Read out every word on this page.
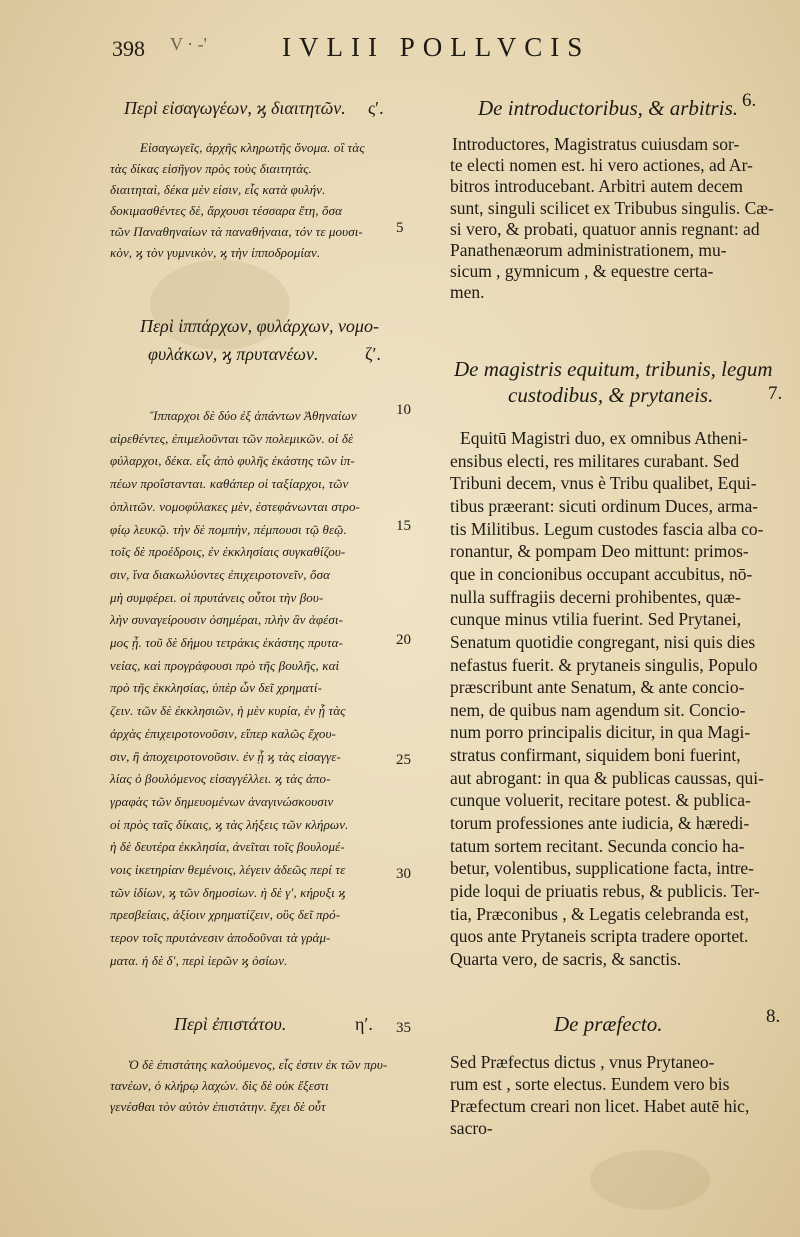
398 V · -'	IVLII POLLVCIS
Περὶ εἰσαγωγέων, ϗ διαιτητῶν. ς′.
Εἰσαγωγεῖς, ἀρχῆς κληρωτῆς ὄνομα. οἳ τὰς
τὰς δίκας εἰσῆγον πρὸς τοὺς διαιτητάς.
διαιτηταὶ, δέκα μὲν εἰσιν, εἷς κατὰ φυλήν.
δοκιμασθέντες δὲ, ἄρχουσι τέσσαρα ἔτη, ὅσα
τῶν Παναθηναίων τὰ παναθήναια, τόν τε μουσι-
κὸν, ϗ τὸν γυμνικὸν, ϗ τὴν ἱπποδρομίαν.
Περὶ ἱππάρχων, φυλάρχων, νομο-
φυλάκων, ϗ πρυτανέων.	ζ′.
Ἵππαρχοι δὲ δύο ἐξ ἁπάντων Ἀθηναίων
αἱρεθέντες, ἐπιμελοῦνται τῶν πολεμικῶν. οἱ δὲ
φύλαρχοι, δέκα. εἷς ἀπὸ φυλῆς ἑκάστης τῶν ἱπ-
πέων προΐστανται. καθάπερ οἱ ταξίαρχοι, τῶν
ὁπλιτῶν. νομοφύλακες μὲν, ἐστεφάνωνται στρο-
φίῳ λευκῷ. τὴν δὲ πομπὴν, πέμπουσι τῷ θεῷ.
τοῖς δὲ προέδροις, ἐν ἐκκλησίαις συγκαθίζου-
σιν, ἵνα διακωλύοντες ἐπιχειροτονεῖν, ὅσα
μὴ συμφέρει. οἱ πρυτάνεις οὗτοι τὴν βου-
λὴν συναγείρουσιν ὁσημέραι, πλὴν ἂν ἀφέσι-
μος ᾖ. τοῦ δὲ δήμου τετράκις ἑκάστης πρυτα-
νείας, καὶ προγράφουσι πρὸ τῆς βουλῆς, καὶ
πρὸ τῆς ἐκκλησίας, ὑπὲρ ὧν δεῖ χρηματί-
ζειν. τῶν δὲ ἐκκλησιῶν, ἡ μὲν κυρία, ἐν ᾗ τὰς
ἀρχὰς ἐπιχειροτονοῦσιν, εἴπερ καλῶς ἔχου-
σιν, ἢ ἀποχειροτονοῦσιν. ἐν ᾗ ϗ τὰς εἰσαγγε-
λίας ὁ βουλόμενος εἰσαγγέλλει. ϗ τὰς ἀπο-
γραφὰς τῶν δημευομένων ἀναγινώσκουσιν
οἱ πρὸς ταῖς δίκαις, ϗ τὰς λήξεις τῶν κλήρων.
ἡ δὲ δευτέρα ἐκκλησία, ἀνεῖται τοῖς βουλομέ-
νοις ἱκετηρίαν θεμένοις, λέγειν ἀδεῶς περί τε
τῶν ἰδίων, ϗ τῶν δημοσίων. ἡ δὲ γ′, κήρυξι ϗ
πρεσβείαις, ἀξίοιν χρηματίζειν, οὓς δεῖ πρό-
τερον τοῖς πρυτάνεσιν ἀποδοῦναι τὰ γράμ-
ματα. ἡ δὲ δ′, περὶ ἱερῶν ϗ ὁσίων.
Περὶ ἐπιστάτου.	η′.
Ὁ δὲ ἐπιστάτης καλούμενος, εἷς ἐστιν ἐκ τῶν πρυ-
τανέων, ὁ κλήρῳ λαχών. δὶς δὲ οὐκ ἔξεστι
γενέσθαι τὸν αὐτὸν ἐπιστάτην. ἔχει δὲ οὗτ
De introductoribus, & arbitris. 6.
Introductores, Magistratus cuiusdam sor-
te electi nomen est. hi vero actiones, ad Ar-
bitros introducebant. Arbitri autem decem
sunt, singuli scilicet ex Tribubus singulis. Cæ-
si vero, & probati, quatuor annis regnant: ad
Panathenæorum administrationem, mu-
sicum , gymnicum , & equestre certa-
men.
De magistris equitum, tribunis, legum
custodibus, & prytaneis.	7.
Equitū Magistri duo, ex omnibus Atheni-
ensibus electi, res militares curabant. Sed
Tribuni decem, vnus è Tribu qualibet, Equi-
tibus præerant: sicuti ordinum Duces, arma-
tis Militibus. Legum custodes fascia alba co-
ronantur, & pompam Deo mittunt: primos-
que in concionibus occupant accubitus, nō-
nulla suffragiis decerni prohibentes, quæ-
cunque minus vtilia fuerint. Sed Prytanei,
Senatum quotidie congregant, nisi quis dies
nefastus fuerit. & prytaneis singulis, Populo
præscribunt ante Senatum, & ante concio-
nem, de quibus nam agendum sit. Concio-
num porro principalis dicitur, in qua Magi-
stratus confirmant, siquidem boni fuerint,
aut abrogant: in qua & publicas caussas, qui-
cunque voluerit, recitare potest. & publica-
torum professiones ante iudicia, & hæredi-
tatum sortem recitant. Secunda concio ha-
betur, volentibus, supplicatione facta, intre-
pide loqui de priuatis rebus, & publicis. Ter-
tia, Præconibus , & Legatis celebranda est,
quos ante Prytaneis scripta tradere oportet.
Quarta vero, de sacris, & sanctis.
De præfecto.	8.
Sed Præfectus dictus , vnus Prytaneo-
rum est , sorte electus. Eundem vero bis
Præfectum creari non licet. Habet autē hic,
sacro-
5
10
15
20
25
30
35
